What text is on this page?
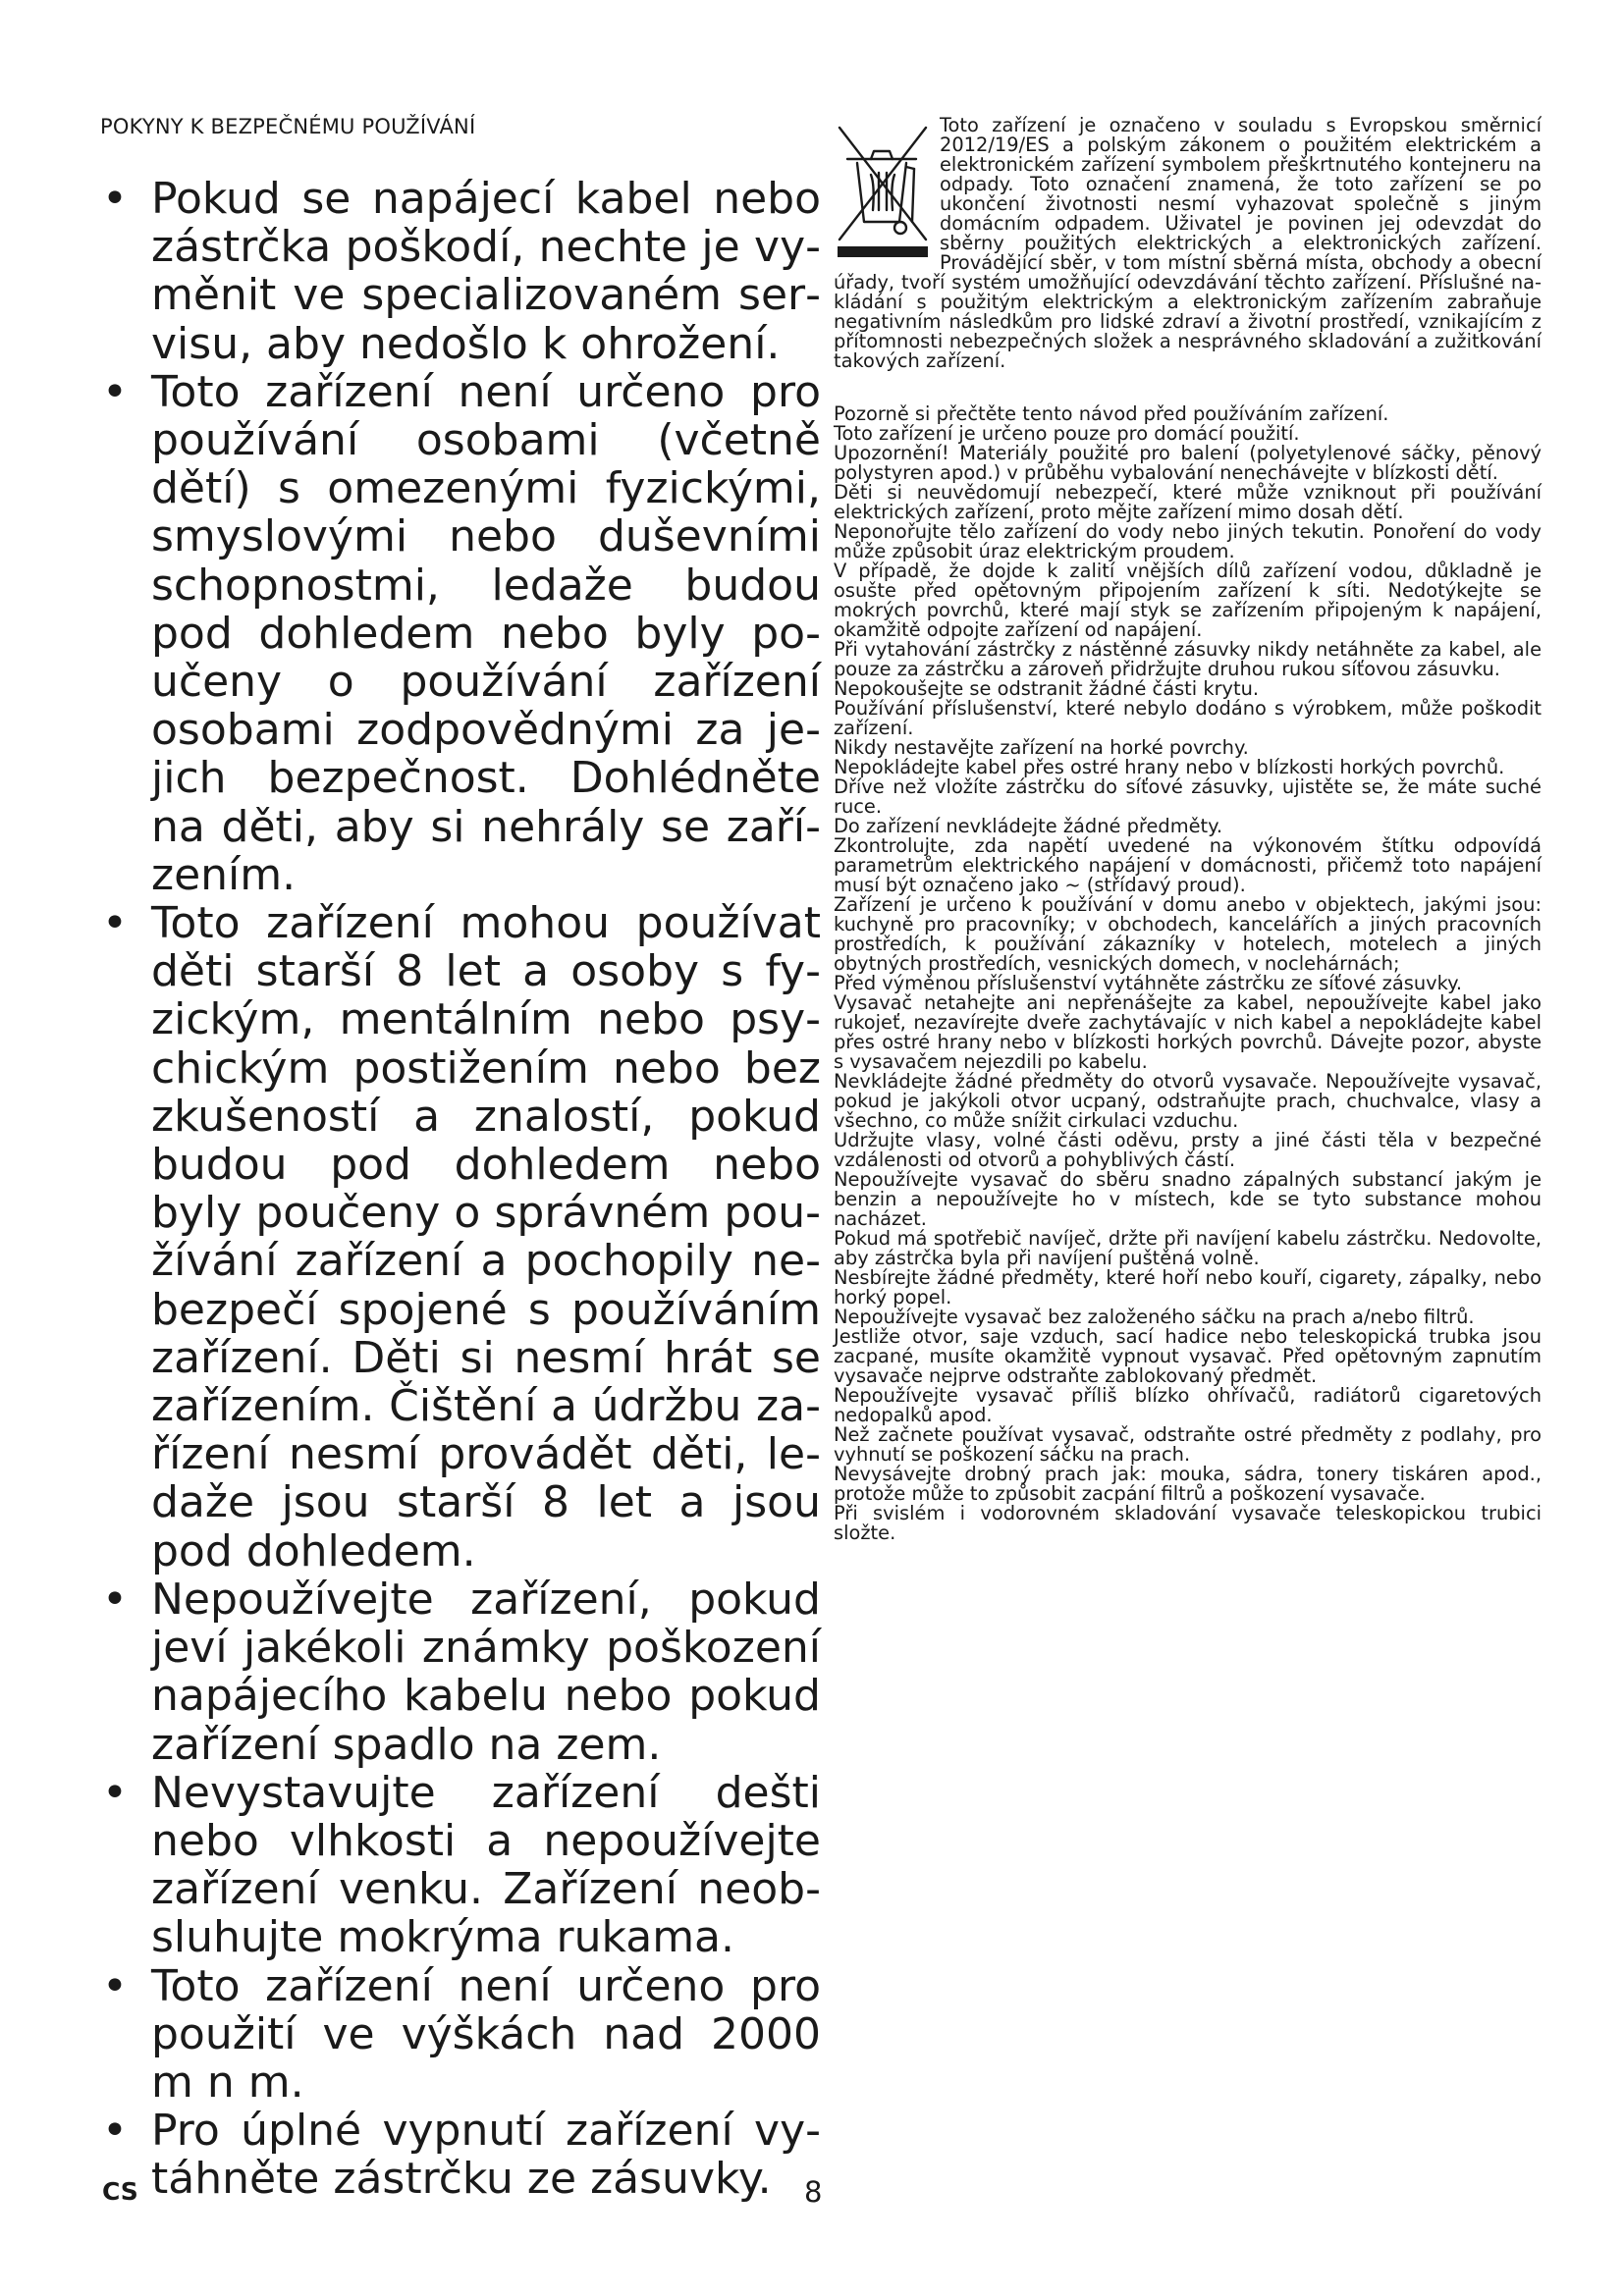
POKYNY K BEZPEČNÉMU POUŽÍVÁNÍ
• Pokud se napájecí kabel nebo zástrčka poškodí, nechte je vyměnit ve specializovaném servisu, aby nedošlo k ohrožení.
• Toto zařízení není určeno pro používání osobami (včetně dětí) s omezenými fyzickými, smyslovými nebo duševními schopnostmi, ledaže budou pod dohledem nebo byly poučeny o používání zařízení osobami zodpovědnými za jejich bezpečnost. Dohlédněte na děti, aby si nehrály se zařízením.
• Toto zařízení mohou používat děti starší 8 let a osoby s fyzickým, mentálním nebo psychickým postižením nebo bez zkušeností a znalostí, pokud budou pod dohledem nebo byly poučeny o správném používání zařízení a pochopily nebezpečí spojené s používáním zařízení. Děti si nesmí hrát se zařízením. Čištění a údržbu zařízení nesmí provádět děti, ledaže jsou starší 8 let a jsou pod dohledem.
• Nepoužívejte zařízení, pokud jeví jakékoli známky poškození napájecího kabelu nebo pokud zařízení spadlo na zem.
• Nevystavujte zařízení dešti nebo vlhkosti a nepoužívejte zařízení venku. Zařízení neobsluhujte mokrýma rukama.
• Toto zařízení není určeno pro použití ve výškách nad 2000 m n m.
• Pro úplné vypnutí zařízení vytáhněte zástrčku ze zásuvky.

Toto zařízení je označeno v souladu s Evropskou směrnicí 2012/19/ES a polským zákonem o použitém elektrickém a elektronickém zařízení symbolem přeškrtnutého kontejneru na odpady. Toto označení znamená, že toto zařízení se po ukončení životnosti nesmí vyhazovat společně s jiným domácním odpadem. Uživatel je povinen jej odevzdat do sběrny použitých elektrických a elektronických zařízení. Provádějící sběr, v tom místní sběrná místa, obchody a obecní úřady, tvoří systém umožňující odevzdávání těchto zařízení. Příslušné nakládání s použitým elektrickým a elektronickým zařízením zabraňuje negativním následkům pro lidské zdraví a životní prostředí, vznikajícím z přítomnosti nebezpečných složek a nesprávného skladování a zužitkování takových zařízení.

Pozorně si přečtěte tento návod před používáním zařízení.

Toto zařízení je určeno pouze pro domácí použití.

Upozornění! Materiály použité pro balení (polyetylenové sáčky, pěnový polystyren apod.) v průběhu vybalování nenechávejte v blízkosti dětí.

Děti si neuvědomují nebezpečí, které může vzniknout při používání elektrických zařízení, proto mějte zařízení mimo dosah dětí.

Neponořujte tělo zařízení do vody nebo jiných tekutin. Ponoření do vody může způsobit úraz elektrickým proudem.

V případě, že dojde k zalití vnějších dílů zařízení vodou, důkladně je osušte před opětovným připojením zařízení k síti. Nedotýkejte se mokrých povrchů, které mají styk se zařízením připojeným k napájení, okamžitě odpojte zařízení od napájení.

Při vytahování zástrčky z nástěnné zásuvky nikdy netáhněte za kabel, ale pouze za zástrčku a zároveň přidržujte druhou rukou síťovou zásuvku.

Nepokoušejte se odstranit žádné části krytu.

Používání příslušenství, které nebylo dodáno s výrobkem, může poškodit zařízení.

Nikdy nestavějte zařízení na horké povrchy.

Nepokládejte kabel přes ostré hrany nebo v blízkosti horkých povrchů.

Dříve než vložíte zástrčku do síťové zásuvky, ujistěte se, že máte suché ruce.

Do zařízení nevkládejte žádné předměty.

Zkontrolujte, zda napětí uvedené na výkonovém štítku odpovídá parametrům elektrického napájení v domácnosti, přičemž toto napájení musí být označeno jako ~ (střídavý proud).

Zařízení je určeno k používání v domu anebo v objektech, jakými jsou: kuchyně pro pracovníky; v obchodech, kancelářích a jiných pracovních prostředích, k používání zákazníky v hotelech, motelech a jiných obytných prostředích, vesnických domech, v noclehárnách;

Před výměnou příslušenství vytáhněte zástrčku ze síťové zásuvky.

Vysavač netahejte ani nepřenášejte za kabel, nepoužívejte kabel jako rukojeť, nezavírejte dveře zachytávajíc v nich kabel a nepokládejte kabel přes ostré hrany nebo v blízkosti horkých povrchů. Dávejte pozor, abyste s vysavačem nejezdili po kabelu.

Nevkládejte žádné předměty do otvorů vysavače. Nepoužívejte vysavač, pokud je jakýkoli otvor ucpaný, odstraňujte prach, chuchvalce, vlasy a všechno, co může snížit cirkulaci vzduchu.

Udržujte vlasy, volné části oděvu, prsty a jiné části těla v bezpečné vzdálenosti od otvorů a pohyblivých částí.

Nepoužívejte vysavač do sběru snadno zápalných substancí jakým je benzin a nepoužívejte ho v místech, kde se tyto substance mohou nacházet.

Pokud má spotřebič navíječ, držte při navíjení kabelu zástrčku. Nedovolte, aby zástrčka byla při navíjení puštěná volně.

Nesbírejte žádné předměty, které hoří nebo kouří, cigarety, zápalky, nebo horký popel.

Nepoužívejte vysavač bez založeného sáčku na prach a/nebo filtrů.

Jestliže otvor, saje vzduch, sací hadice nebo teleskopická trubka jsou zacpané, musíte okamžitě vypnout vysavač. Před opětovným zapnutím vysavače nejprve odstraňte zablokovaný předmět.

Nepoužívejte vysavač příliš blízko ohřívačů, radiátorů cigaretových nedopalků apod.

Než začnete používat vysavač, odstraňte ostré předměty z podlahy, pro vyhnutí se poškození sáčku na prach.

Nevysávejte drobný prach jak: mouka, sádra, tonery tiskáren apod., protože může to způsobit zacpání filtrů a poškození vysavače.

Při svislém i vodorovném skladování vysavače teleskopickou trubici složte.

CS	8
